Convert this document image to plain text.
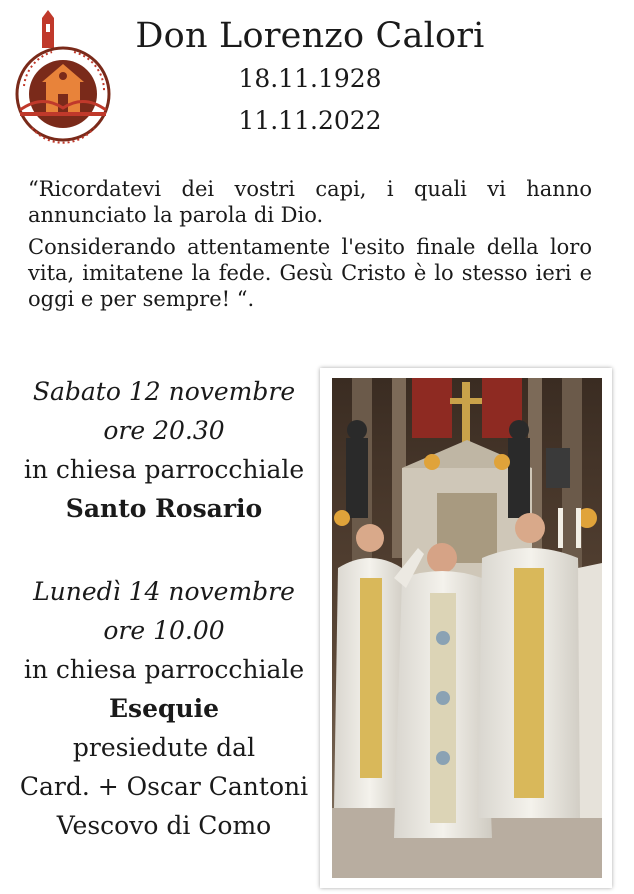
Don Lorenzo Calori
18.11.1928
11.11.2022

“Ricordatevi dei vostri capi, i quali vi hanno annunciato la parola di Dio.

Considerando attentamente l'esito finale della loro vita, imitatene la fede. Gesù Cristo è lo stesso ieri e oggi e per sempre! “.

Sabato 12 novembre
ore 20.30
in chiesa parrocchiale
Santo Rosario
Lunedì 14 novembre
ore 10.00
in chiesa parrocchiale
Esequie
presiedute dal
Card. + Oscar Cantoni
Vescovo di Como
